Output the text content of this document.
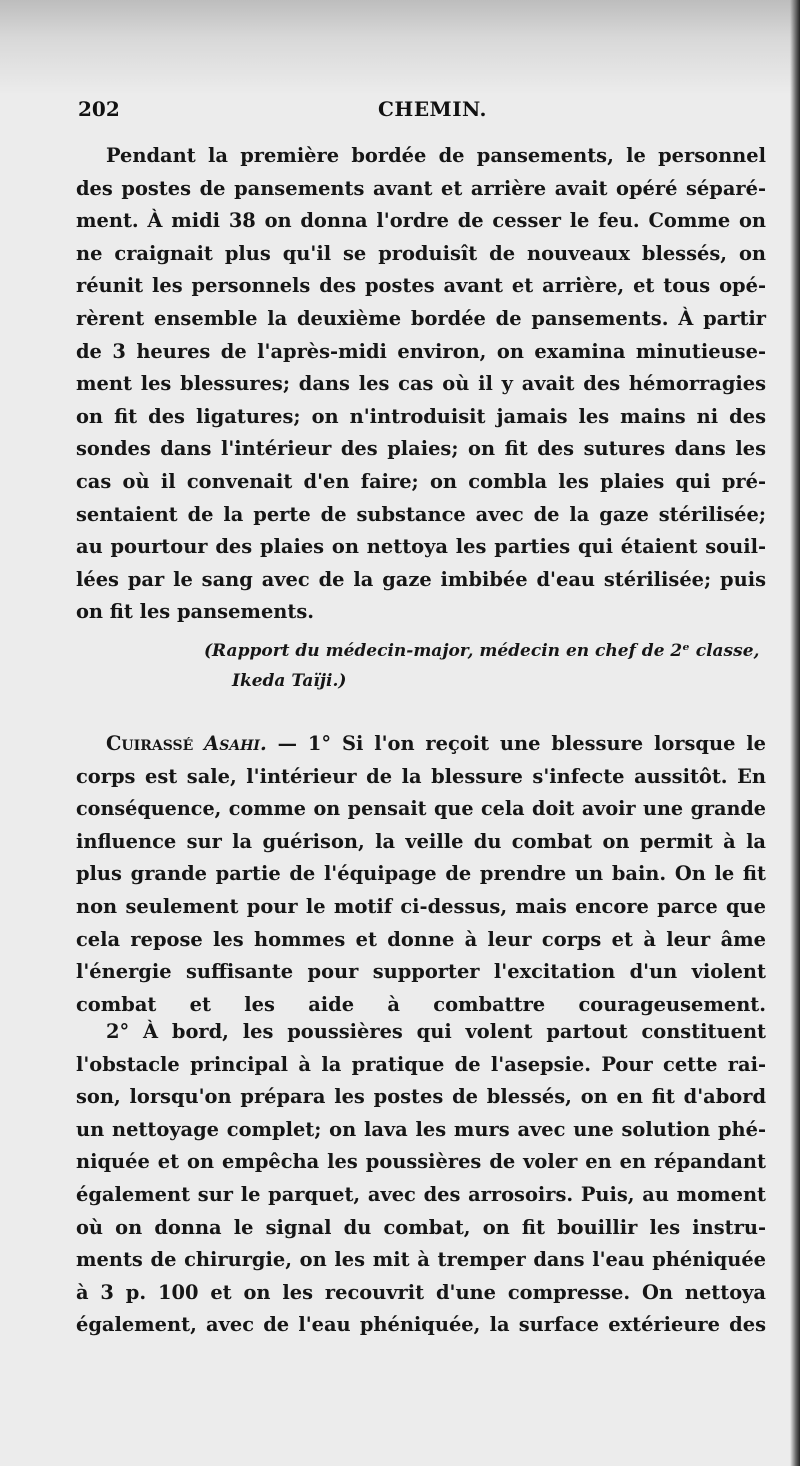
202	CHEMIN.
Pendant la première bordée de pansements, le personnel
des postes de pansements avant et arrière avait opéré séparé-
ment. À midi 38 on donna l'ordre de cesser le feu. Comme on
ne craignait plus qu'il se produisît de nouveaux blessés, on
réunit les personnels des postes avant et arrière, et tous opé-
rèrent ensemble la deuxième bordée de pansements. À partir
de 3 heures de l'après-midi environ, on examina minutieuse-
ment les blessures; dans les cas où il y avait des hémorragies
on fit des ligatures; on n'introduisit jamais les mains ni des
sondes dans l'intérieur des plaies; on fit des sutures dans les
cas où il convenait d'en faire; on combla les plaies qui pré-
sentaient de la perte de substance avec de la gaze stérilisée;
au pourtour des plaies on nettoya les parties qui étaient souil-
lées par le sang avec de la gaze imbibée d'eau stérilisée; puis
on fit les pansements.
(Rapport du médecin-major, médecin en chef de 2ᵉ classe,
Ikeda Taïji.)
Cuirassé Asahi. — 1° Si l'on reçoit une blessure lorsque le
corps est sale, l'intérieur de la blessure s'infecte aussitôt. En
conséquence, comme on pensait que cela doit avoir une grande
influence sur la guérison, la veille du combat on permit à la
plus grande partie de l'équipage de prendre un bain. On le fit
non seulement pour le motif ci-dessus, mais encore parce que
cela repose les hommes et donne à leur corps et à leur âme
l'énergie suffisante pour supporter l'excitation d'un violent
combat et les aide à combattre courageusement.
2° À bord, les poussières qui volent partout constituent
l'obstacle principal à la pratique de l'asepsie. Pour cette rai-
son, lorsqu'on prépara les postes de blessés, on en fit d'abord
un nettoyage complet; on lava les murs avec une solution phé-
niquée et on empêcha les poussières de voler en en répandant
également sur le parquet, avec des arrosoirs. Puis, au moment
où on donna le signal du combat, on fit bouillir les instru-
ments de chirurgie, on les mit à tremper dans l'eau phéniquée
à 3 p. 100 et on les recouvrit d'une compresse. On nettoya
également, avec de l'eau phéniquée, la surface extérieure des
